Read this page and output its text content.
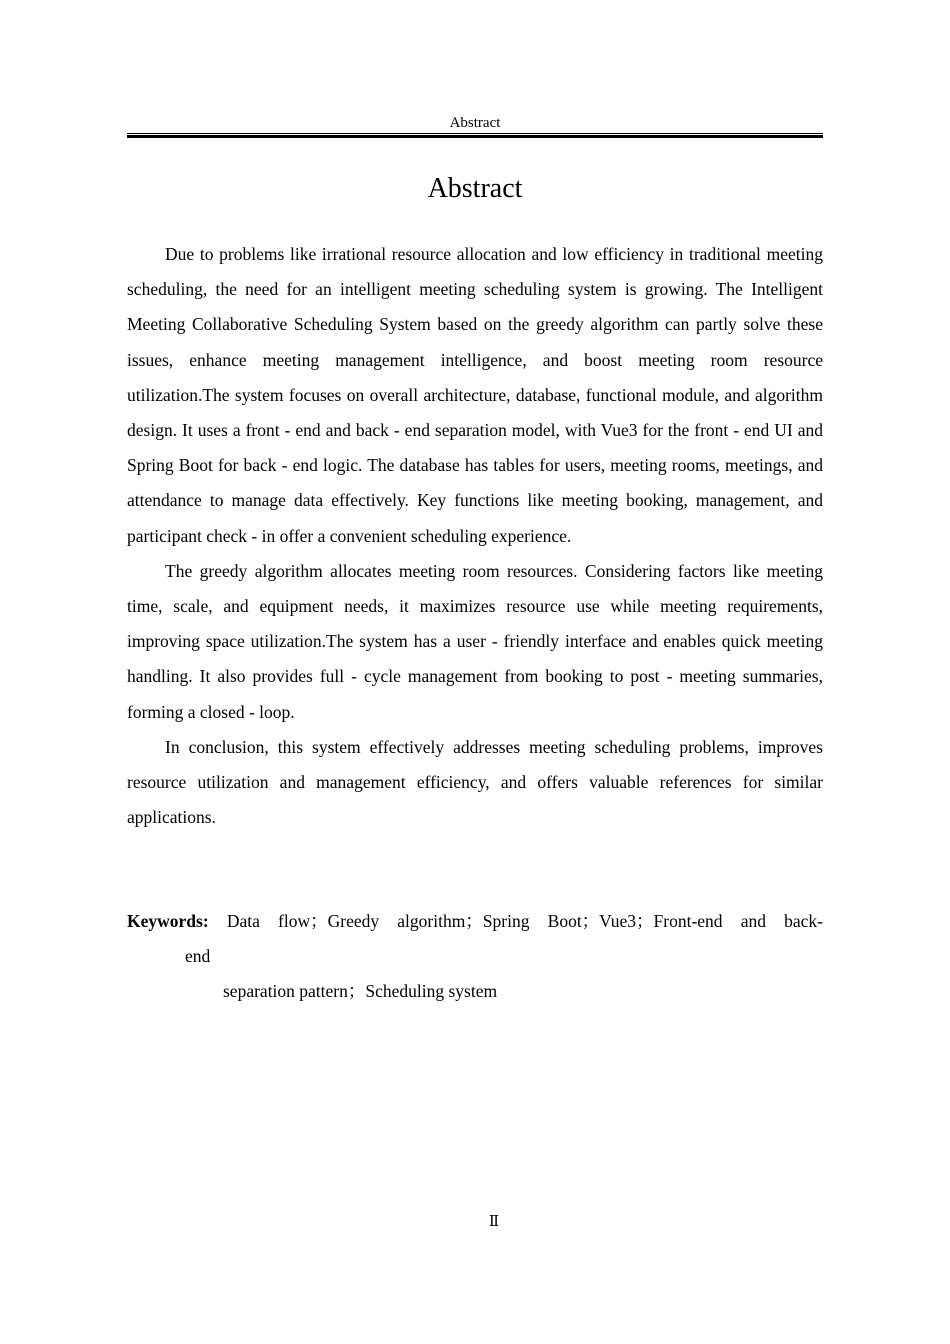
Abstract
Abstract

Due to problems like irrational resource allocation and low efficiency in traditional meeting scheduling, the need for an intelligent meeting scheduling system is growing. The Intelligent Meeting Collaborative Scheduling System based on the greedy algorithm can partly solve these issues, enhance meeting management intelligence, and boost meeting room resource utilization.The system focuses on overall architecture, database, functional module, and algorithm design. It uses a front - end and back - end separation model, with Vue3 for the front - end UI and Spring Boot for back - end logic. The database has tables for users, meeting rooms, meetings, and attendance to manage data effectively. Key functions like meeting booking, management, and participant check - in offer a convenient scheduling experience.

The greedy algorithm allocates meeting room resources. Considering factors like meeting time, scale, and equipment needs, it maximizes resource use while meeting requirements, improving space utilization.The system has a user - friendly interface and enables quick meeting handling. It also provides full - cycle management from booking to post - meeting summaries, forming a closed - loop.

In conclusion, this system effectively addresses meeting scheduling problems, improves resource utilization and management efficiency, and offers valuable references for similar applications.

Keywords: Data flow；Greedy algorithm；Spring Boot；Vue3；Front-end and back-
end
separation pattern；Scheduling system
Ⅱ
